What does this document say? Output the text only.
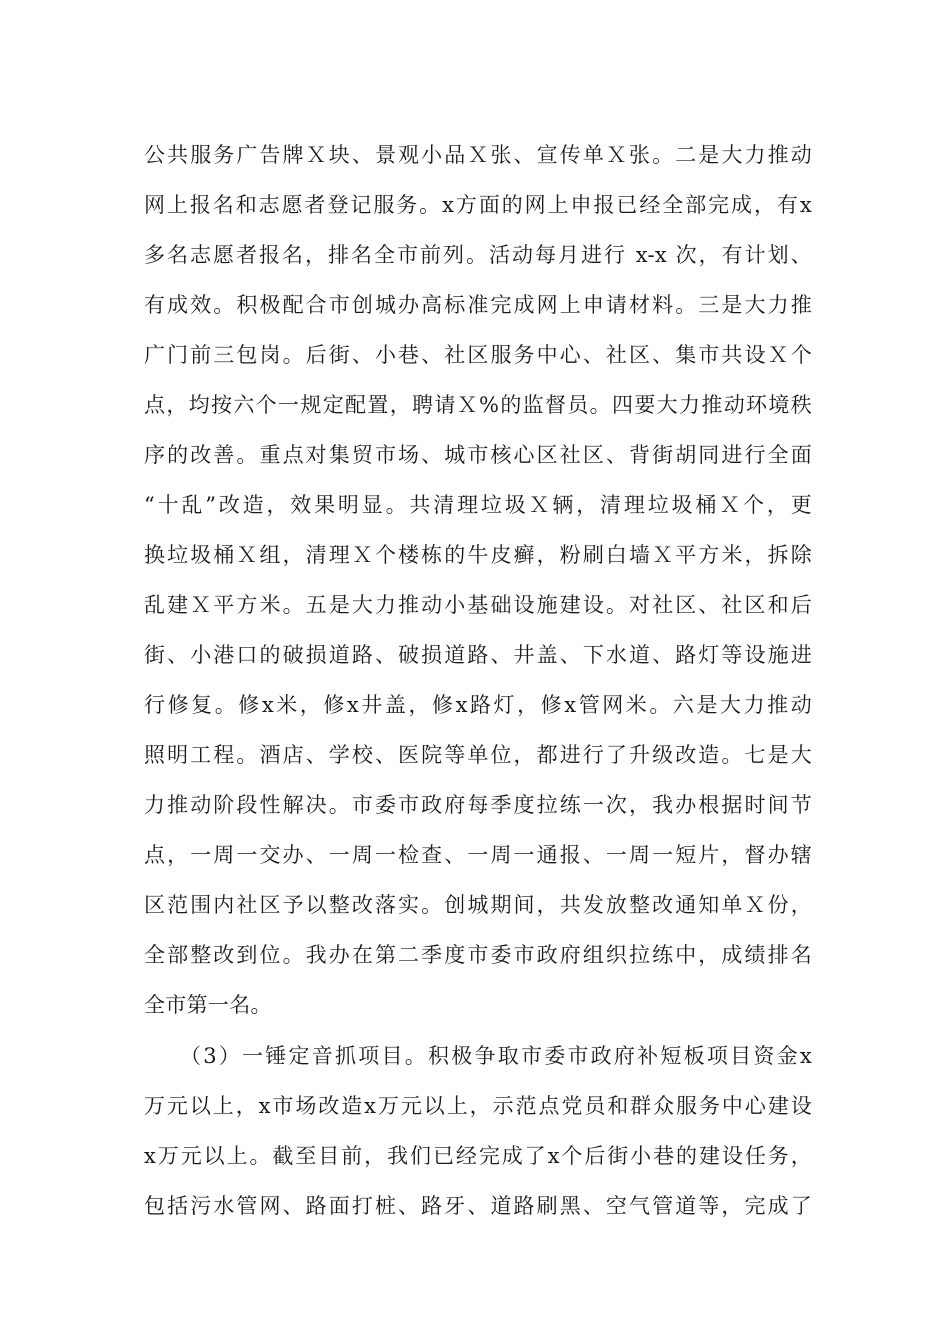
公共服务广告牌Ｘ块、景观小品Ｘ张、宣传单Ｘ张。二是大力推动
网上报名和志愿者登记服务。x方面的网上申报已经全部完成，有x
多名志愿者报名，排名全市前列。活动每月进行 x-x 次，有计划、
有成效。积极配合市创城办高标准完成网上申请材料。三是大力推
广门前三包岗。后街、小巷、社区服务中心、社区、集市共设Ｘ个
点，均按六个一规定配置，聘请Ｘ%的监督员。四要大力推动环境秩
序的改善。重点对集贸市场、城市核心区社区、背街胡同进行全面
“十乱”改造，效果明显。共清理垃圾Ｘ辆，清理垃圾桶Ｘ个，更
换垃圾桶Ｘ组，清理Ｘ个楼栋的牛皮癣，粉刷白墙Ｘ平方米，拆除
乱建Ｘ平方米。五是大力推动小基础设施建设。对社区、社区和后
街、小港口的破损道路、破损道路、井盖、下水道、路灯等设施进
行修复。修x米，修x井盖，修x路灯，修x管网米。六是大力推动
照明工程。酒店、学校、医院等单位，都进行了升级改造。七是大
力推动阶段性解决。市委市政府每季度拉练一次，我办根据时间节
点，一周一交办、一周一检查、一周一通报、一周一短片，督办辖
区范围内社区予以整改落实。创城期间，共发放整改通知单Ｘ份，
全部整改到位。我办在第二季度市委市政府组织拉练中，成绩排名
全市第一名。
　　（3）一锤定音抓项目。积极争取市委市政府补短板项目资金x
万元以上，x市场改造x万元以上，示范点党员和群众服务中心建设
x万元以上。截至目前，我们已经完成了x个后街小巷的建设任务，
包括污水管网、路面打桩、路牙、道路刷黑、空气管道等，完成了
